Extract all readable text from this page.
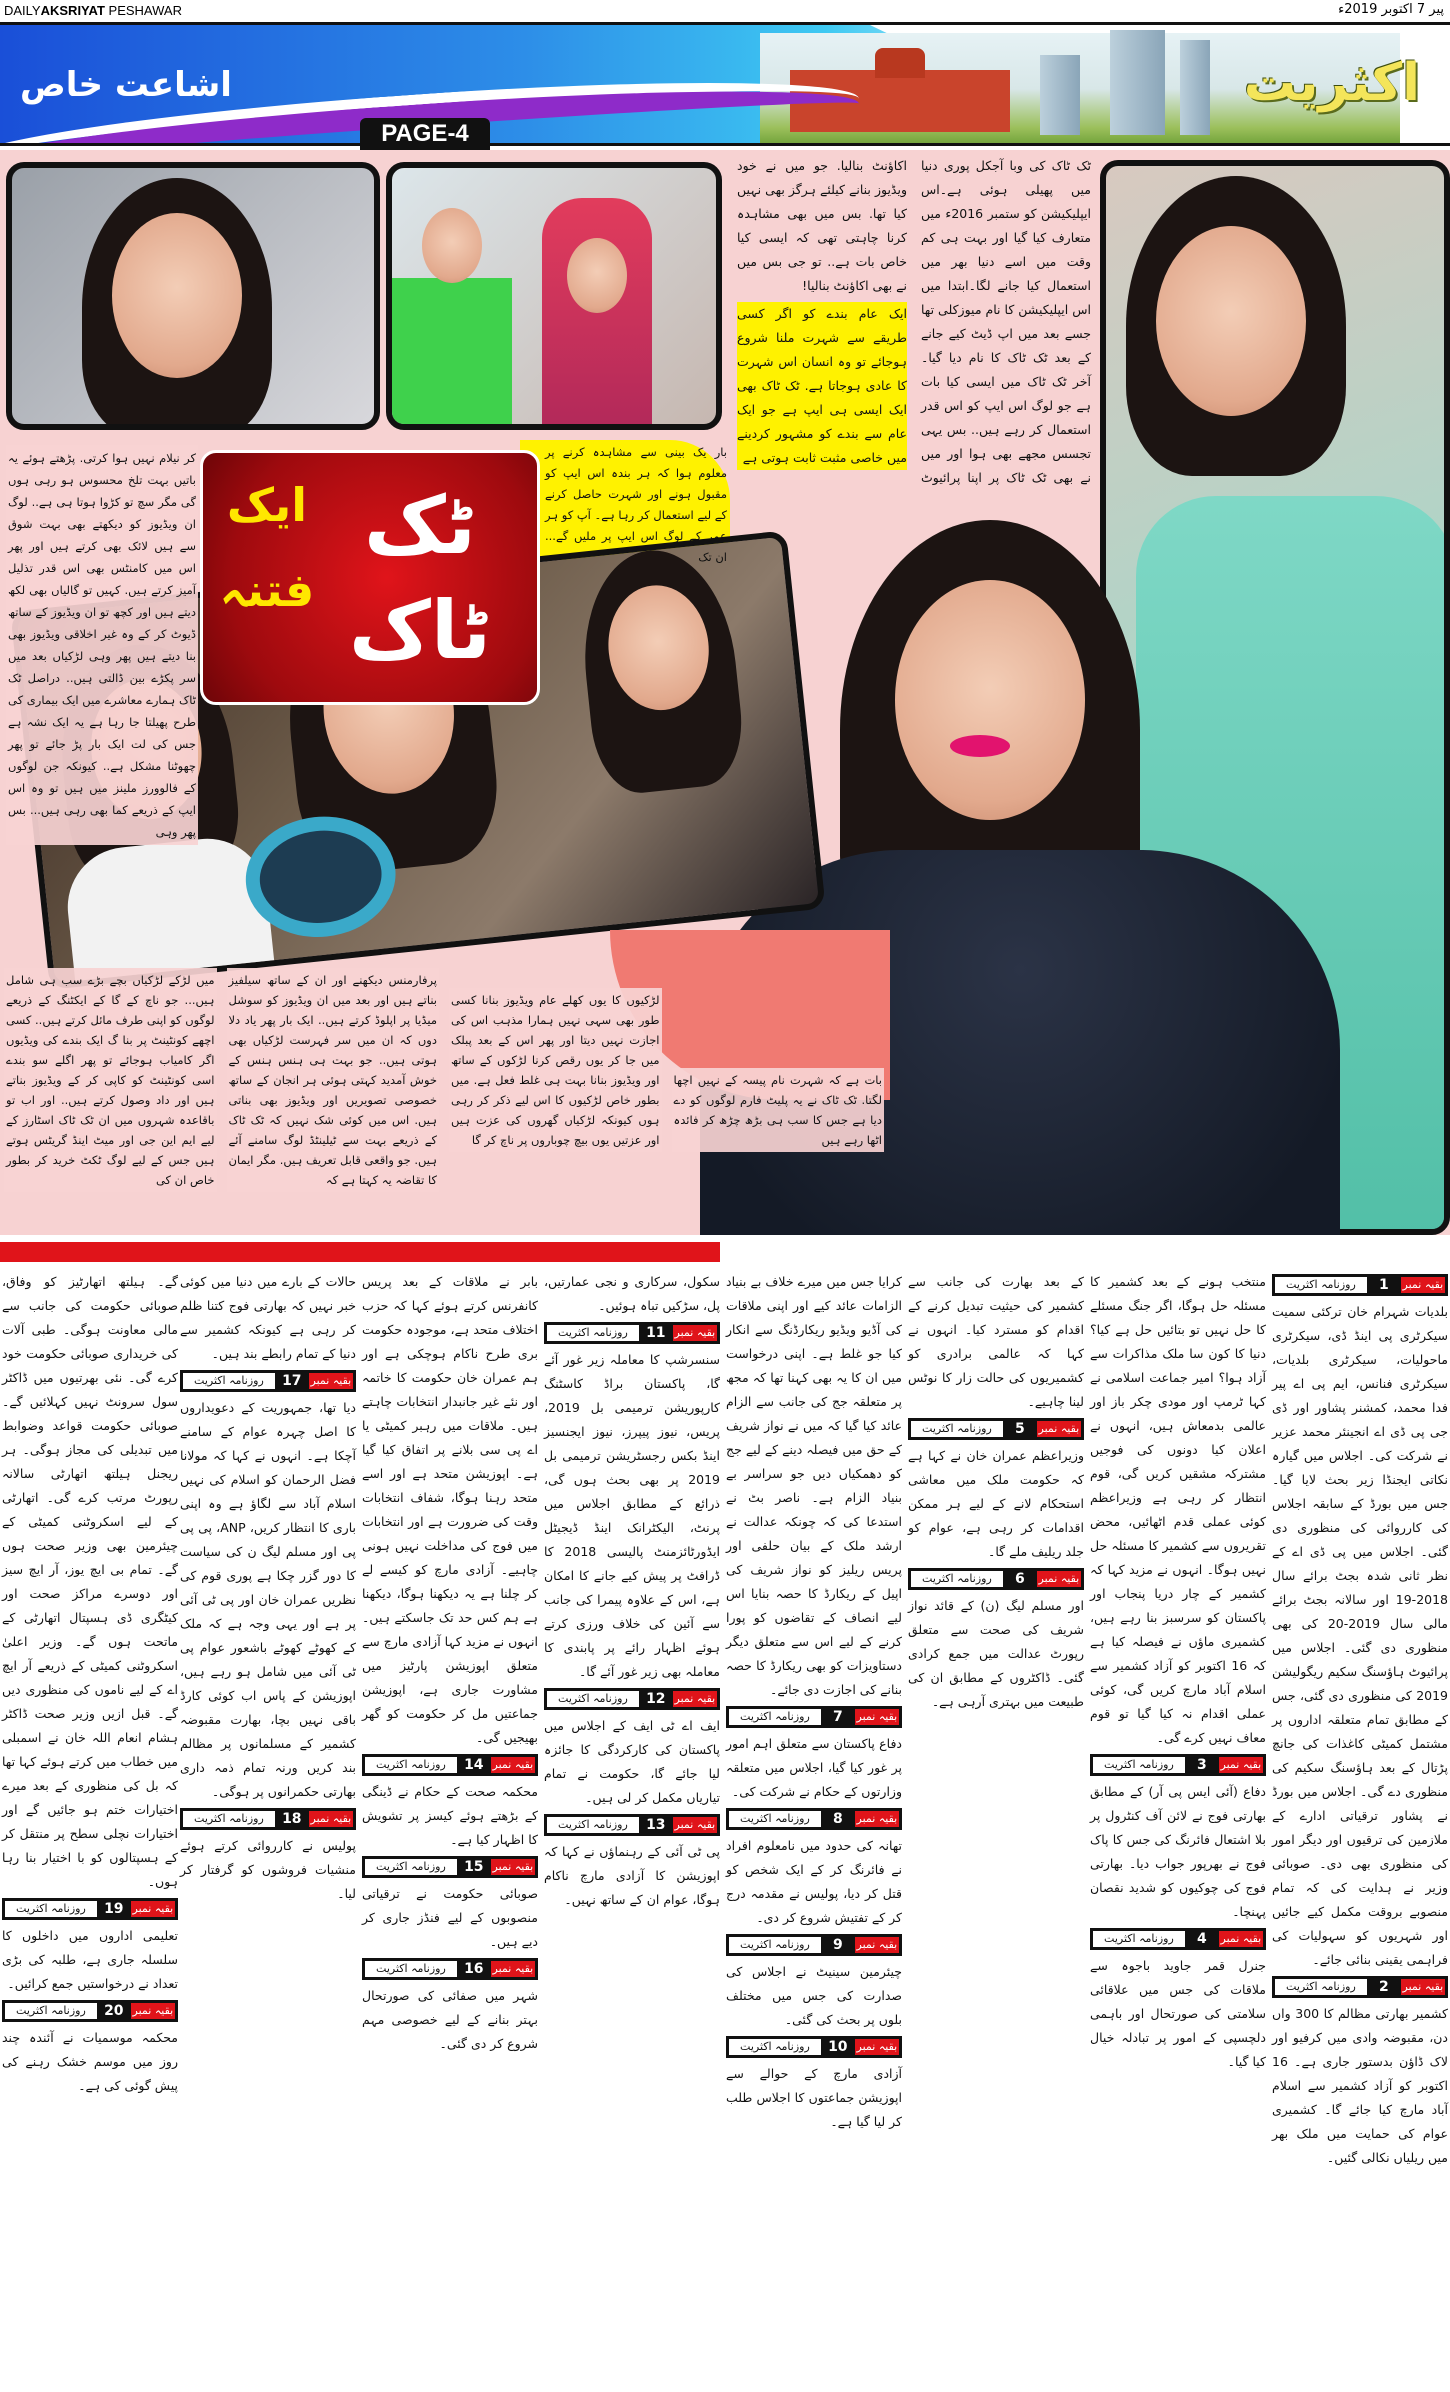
اشاعت خاص	اکثریت
DAILYAKSRIYAT PESHAWAR	پیر 7 اکتوبر 2019ء
PAGE-4
ٹک ٹاک کی وبا آجکل پوری دنیا میں پھیلی ہوئی ہے۔اس ایپلیکیشن کو ستمبر 2016ء میں متعارف کیا گیا اور بہت ہی کم وقت میں اسے دنیا بھر میں استعمال کیا جانے لگا۔ابتدا میں اس ایپلیکیشن کا نام میوزکلی تھا جسے بعد میں اپ ڈیٹ کیے جانے کے بعد ٹک ٹاک کا نام دیا گیا۔ آخر ٹک ٹاک میں ایسی کیا بات ہے جو لوگ اس ایپ کو اس قدر استعمال کر رہے ہیں.. بس یہی تجسس مجھے بھی ہوا اور میں نے بھی ٹک ٹاک پر اپنا پرائیوٹ اکاؤنٹ بنالیا. جو میں نے خود ویڈیوز بنانے کیلئے ہرگز بھی نہیں کیا تھا. بس میں بھی مشاہدہ کرنا چاہتی تھی کہ ایسی کیا خاص بات ہے.. تو جی بس میں نے بھی اکاؤنٹ بنالیا!
ایک عام بندے کو اگر کسی طریقے سے شہرت ملنا شروع ہوجائے تو وہ انسان اس شہرت کا عادی ہوجاتا ہے. ٹک ٹاک بھی ایک ایسی ہی ایپ ہے جو ایک عام سے بندے کو مشہور کردینے میں خاصی مثبت ثابت ہوتی ہے
کر نیلام نہیں ہوا کرتی. پڑھتے ہوئے یہ باتیں بہت تلخ محسوس ہو رہی ہوں گی مگر سچ تو کڑوا ہوتا ہی ہے.. لوگ ان ویڈیوز کو دیکھتے بھی بہت شوق سے ہیں لائک بھی کرتے ہیں اور پھر اس میں کامنٹس بھی اس قدر تذلیل آمیز کرتے ہیں. کہیں تو گالیاں بھی لکھ دیتے ہیں اور کچھ تو ان ویڈیوز کے ساتھ ڈیوٹ کر کے وہ غیر اخلاقی ویڈیوز بھی بنا دیتے ہیں پھر وہی لڑکیاں بعد میں سر پکڑے بین ڈالتی ہیں.. دراصل ٹک ٹاک ہمارے معاشرے میں ایک بیماری کی طرح پھیلتا جا رہا ہے یہ ایک نشہ ہے جس کی لت ایک بار پڑ جائے تو پھر چھوٹنا مشکل ہے.. کیونکہ جن لوگوں کے فالوورز ملینز میں ہیں تو وہ اس ایپ کے ذریعے کما بھی رہی ہیں... بس پھر وہی
ٹک ٹاک
ایک
فتنہ
بار یک بینی سے مشاہدہ کرنے پر معلوم ہوا کہ ہر بندہ اس ایپ کو مقبول ہونے اور شہرت حاصل کرنے کے لیے استعمال کر رہا ہے۔ آپ کو ہر عمر کے لوگ اس ایپ پر ملیں گے... ان تک
میں لڑکے لڑکیاں بچے بڑے سب ہی شامل ہیں... جو ناچ کے گا کے ایکٹنگ کے ذریعے لوگوں کو اپنی طرف مائل کرتے ہیں.. کسی اچھے کونٹینٹ پر بنا گ ایک بندے کی ویڈیوں اگر کامیاب ہوجائے تو پھر اگلے سو بندے اسی کونٹینٹ کو کاپی کر کے ویڈیوز بناتے ہیں اور داد وصول کرتے ہیں.. اور اب تو باقاعدہ شہروں میں ان ٹک ٹاک اسٹارز کے لیے ایم این جی اور میٹ اینڈ گریٹس ہوتے ہیں جس کے لیے لوگ ٹکٹ خرید کر بطور خاص ان کی
پرفارمنس دیکھنے اور ان کے ساتھ سیلفیز بناتے ہیں اور بعد میں ان ویڈیوز کو سوشل میڈیا پر اپلوڈ کرتے ہیں.. ایک بار پھر یاد دلا دوں کہ ان میں سر فہرست لڑکیاں بھی ہوتی ہیں.. جو بہت ہی ہنس ہنس کے خوش آمدید کہتی ہوئی ہر انجان کے ساتھ خصوصی تصویریں اور ویڈیوز بھی بناتی ہیں. اس میں کوئی شک نہیں کہ ٹک ٹاک کے ذریعے بہت سے ٹیلینٹڈ لوگ سامنے آئے ہیں. جو واقعی قابل تعریف ہیں. مگر ایمان کا تقاضہ یہ کہتا ہے کہ
لڑکیوں کا یوں کھلے عام ویڈیوز بنانا کسی طور بھی سہی نہیں ہمارا مذہب اس کی اجازت نہیں دیتا اور پھر اس کے بعد پبلک میں جا کر یوں رقص کرنا لڑکوں کے ساتھ اور ویڈیوز بنانا بہت ہی غلط فعل ہے. میں بطور خاص لڑکیوں کا اس لیے ذکر کر رہی ہوں کیونکہ لڑکیاں گھروں کی عزت ہیں اور عزتیں یوں بیچ چوباروں پر ناچ کر گا
بات ہے کہ شہرت نام پیسہ کے نہیں اچھا لگتا. ٹک ٹاک نے یہ پلیٹ فارم لوگوں کو دے دیا ہے جس کا سب ہی بڑھ چڑھ کر فائدہ اٹھا رہے ہیں
بقیہ نمبر
1
روزنامہ اکثریت

بلدیات شہرام خان ترکئی سمیت سیکرٹری پی اینڈ ڈی، سیکرٹری ماحولیات، سیکرٹری بلدیات، سیکرٹری فنانس، ایم پی اے پیر فدا محمد، کمشنر پشاور اور ڈی جی پی ڈی اے انجینئر محمد عزیر نے شرکت کی۔ اجلاس میں گیارہ نکاتی ایجنڈا زیر بحث لایا گیا۔ جس میں بورڈ کے سابقہ اجلاس کی کارروائی کی منظوری دی گئی۔ اجلاس میں پی ڈی اے کے نظر ثانی شدہ بجٹ برائے سال 2018-19 اور سالانہ بجٹ برائے مالی سال 2019-20 کی بھی منظوری دی گئی۔ اجلاس میں پرائیوٹ ہاؤسنگ سکیم ریگولیشن 2019 کی منظوری دی گئی، جس کے مطابق تمام متعلقہ اداروں پر مشتمل کمیٹی کاغذات کی جانچ پڑتال کے بعد ہاؤسنگ سکیم کی منظوری دے گی۔ اجلاس میں بورڈ نے پشاور ترقیاتی ادارے کے ملازمین کی ترقیوں اور دیگر امور کی منظوری بھی دی۔ صوبائی وزیر نے ہدایت کی کہ تمام منصوبے بروقت مکمل کیے جائیں اور شہریوں کو سہولیات کی فراہمی یقینی بنائی جائے۔

بقیہ نمبر
2
روزنامہ اکثریت

کشمیر بھارتی مظالم کا 300 واں دن، مقبوضہ وادی میں کرفیو اور لاک ڈاؤن بدستور جاری ہے۔ 16 اکتوبر کو آزاد کشمیر سے اسلام آباد مارچ کیا جائے گا۔ کشمیری عوام کی حمایت میں ملک بھر میں ریلیاں نکالی گئیں۔

منتخب ہونے کے بعد کشمیر کا مسئلہ حل ہوگا، اگر جنگ مسئلے کا حل نہیں تو بتائیں حل ہے کیا؟ دنیا کا کون سا ملک مذاکرات سے آزاد ہوا؟ امیر جماعت اسلامی نے کہا ٹرمپ اور مودی چکر باز اور عالمی بدمعاش ہیں، انہوں نے اعلان کیا دونوں کی فوجیں مشترکہ مشقیں کریں گی، قوم انتظار کر رہی ہے وزیراعظم کوئی عملی قدم اٹھائیں، محض تقریروں سے کشمیر کا مسئلہ حل نہیں ہوگا۔ انہوں نے مزید کہا کہ کشمیر کے چار دریا پنجاب اور پاکستان کو سرسبز بنا رہے ہیں، کشمیری ماؤں نے فیصلہ کیا ہے کہ 16 اکتوبر کو آزاد کشمیر سے اسلام آباد مارچ کریں گی، کوئی عملی اقدام نہ کیا گیا تو قوم معاف نہیں کرے گی۔

بقیہ نمبر
3
روزنامہ اکثریت

دفاع (آئی ایس پی آر) کے مطابق بھارتی فوج نے لائن آف کنٹرول پر بلا اشتعال فائرنگ کی جس کا پاک فوج نے بھرپور جواب دیا۔ بھارتی فوج کی چوکیوں کو شدید نقصان پہنچا۔

بقیہ نمبر
4
روزنامہ اکثریت

جنرل قمر جاوید باجوہ سے ملاقات کی جس میں علاقائی سلامتی کی صورتحال اور باہمی دلچسپی کے امور پر تبادلہ خیال کیا گیا۔

کے بعد بھارت کی جانب سے کشمیر کی حیثیت تبدیل کرنے کے اقدام کو مسترد کیا۔ انہوں نے کہا کہ عالمی برادری کو کشمیریوں کی حالت زار کا نوٹس لینا چاہیے۔

بقیہ نمبر
5
روزنامہ اکثریت

وزیراعظم عمران خان نے کہا ہے کہ حکومت ملک میں معاشی استحکام لانے کے لیے ہر ممکن اقدامات کر رہی ہے، عوام کو جلد ریلیف ملے گا۔

بقیہ نمبر
6
روزنامہ اکثریت

اور مسلم لیگ (ن) کے قائد نواز شریف کی صحت سے متعلق رپورٹ عدالت میں جمع کرادی گئی۔ ڈاکٹروں کے مطابق ان کی طبیعت میں بہتری آرہی ہے۔

کرایا جس میں میرے خلاف بے بنیاد الزامات عائد کیے اور اپنی ملاقات کی آڈیو ویڈیو ریکارڈنگ سے انکار کیا جو غلط ہے۔ اپنی درخواست میں ان کا یہ بھی کہنا تھا کہ مجھ پر متعلقہ جج کی جانب سے الزام عائد کیا گیا کہ میں نے نواز شریف کے حق میں فیصلہ دینے کے لیے جج کو دھمکیاں دیں جو سراسر بے بنیاد الزام ہے۔ ناصر بٹ نے استدعا کی کہ چونکہ عدالت نے ارشد ملک کے بیان حلفی اور پریس ریلیز کو نواز شریف کی اپیل کے ریکارڈ کا حصہ بنایا اس لیے انصاف کے تقاضوں کو پورا کرنے کے لیے اس سے متعلق دیگر دستاویزات کو بھی ریکارڈ کا حصہ بنانے کی اجازت دی جائے۔

بقیہ نمبر
7
روزنامہ اکثریت

دفاع پاکستان سے متعلق اہم امور پر غور کیا گیا، اجلاس میں متعلقہ وزارتوں کے حکام نے شرکت کی۔

بقیہ نمبر
8
روزنامہ اکثریت

تھانہ کی حدود میں نامعلوم افراد نے فائرنگ کر کے ایک شخص کو قتل کر دیا، پولیس نے مقدمہ درج کر کے تفتیش شروع کر دی۔

بقیہ نمبر
9
روزنامہ اکثریت

چیئرمین سینیٹ نے اجلاس کی صدارت کی جس میں مختلف بلوں پر بحث کی گئی۔

بقیہ نمبر
10
روزنامہ اکثریت

آزادی مارچ کے حوالے سے اپوزیشن جماعتوں کا اجلاس طلب کر لیا گیا ہے۔

سکول، سرکاری و نجی عمارتیں، پل، سڑکیں تباہ ہوئیں۔

بقیہ نمبر
11
روزنامہ اکثریت

سنسرشپ کا معاملہ زیر غور آئے گا، پاکستان براڈ کاسٹنگ کارپوریشن ترمیمی بل 2019، پریس، نیوز پیپرز، نیوز ایجنسیز اینڈ بکس رجسٹریشن ترمیمی بل 2019 پر بھی بحث ہوں گی، ذرائع کے مطابق اجلاس میں پرنٹ، الیکٹرانک اینڈ ڈیجیٹل ایڈورٹائزمنٹ پالیسی 2018 کا ڈرافٹ پر پیش کیے جانے کا امکان ہے، اس کے علاوہ پیمرا کی جانب سے آئین کی خلاف ورزی کرتے ہوئے اظہار رائے پر پابندی کا معاملہ بھی زیر غور آئے گا۔

بقیہ نمبر
12
روزنامہ اکثریت

ایف اے ٹی ایف کے اجلاس میں پاکستان کی کارکردگی کا جائزہ لیا جائے گا، حکومت نے تمام تیاریاں مکمل کر لی ہیں۔

بقیہ نمبر
13
روزنامہ اکثریت

پی ٹی آئی کے رہنماؤں نے کہا کہ اپوزیشن کا آزادی مارچ ناکام ہوگا، عوام ان کے ساتھ نہیں۔

بابر نے ملاقات کے بعد پریس کانفرنس کرتے ہوئے کہا کہ حزب اختلاف متحد ہے، موجودہ حکومت بری طرح ناکام ہوچکی ہے اور ہم عمران خان حکومت کا خاتمہ اور نئے غیر جانبدار انتخابات چاہتے ہیں۔ ملاقات میں رہبر کمیٹی یا اے پی سی بلانے پر اتفاق کیا گیا ہے۔ اپوزیشن متحد ہے اور اسے متحد رہنا ہوگا، شفاف انتخابات وقت کی ضرورت ہے اور انتخابات میں فوج کی مداخلت نہیں ہونی چاہیے۔ آزادی مارچ کو کیسے لے کر چلنا ہے یہ دیکھنا ہوگا، دیکھنا ہے ہم کس حد تک جاسکتے ہیں۔ انہوں نے مزید کہا آزادی مارچ سے متعلق اپوزیشن پارٹیز میں مشاورت جاری ہے، اپوزیشن جماعتیں مل کر حکومت کو گھر بھیجیں گی۔

بقیہ نمبر
14
روزنامہ اکثریت

محکمہ صحت کے حکام نے ڈینگی کے بڑھتے ہوئے کیسز پر تشویش کا اظہار کیا ہے۔

بقیہ نمبر
15
روزنامہ اکثریت

صوبائی حکومت نے ترقیاتی منصوبوں کے لیے فنڈز جاری کر دیے ہیں۔

بقیہ نمبر
16
روزنامہ اکثریت

شہر میں صفائی کی صورتحال بہتر بنانے کے لیے خصوصی مہم شروع کر دی گئی۔

حالات کے بارے میں دنیا میں کوئی خبر نہیں کہ بھارتی فوج کتنا ظلم کر رہی ہے کیونکہ کشمیر سے دنیا کے تمام رابطے بند ہیں۔

بقیہ نمبر
17
روزنامہ اکثریت

دیا تھا، جمہوریت کے دعویداروں کا اصل چہرہ عوام کے سامنے آچکا ہے۔ انہوں نے کہا کہ مولانا فضل الرحمان کو اسلام کی نہیں اسلام آباد سے لگاؤ ہے وہ اپنی باری کا انتظار کریں، ANP، پی پی پی اور مسلم لیگ ن کی سیاست کا دور گزر چکا ہے پوری قوم کی نظریں عمران خان اور پی ٹی آئی پر ہے اور یہی وجہ ہے کہ ملک کے کھوٹے کھوٹے باشعور عوام پی ٹی آئی میں شامل ہو رہے ہیں، اپوزیشن کے پاس اب کوئی کارڈ باقی نہیں بچا، بھارت مقبوضہ کشمیر کے مسلمانوں پر مظالم بند کریں ورنہ تمام ذمہ داری بھارتی حکمرانوں پر ہوگی۔

بقیہ نمبر
18
روزنامہ اکثریت

پولیس نے کارروائی کرتے ہوئے منشیات فروشوں کو گرفتار کر لیا۔

گے۔ ہیلتھ اتھارٹیز کو وفاق، صوبائی حکومت کی جانب سے مالی معاونت ہوگی۔ طبی آلات کی خریداری صوبائی حکومت خود کرے گی۔ نئی بھرتیوں میں ڈاکٹر سول سرونٹ نہیں کہلائیں گے۔ صوبائی حکومت قواعد وضوابط میں تبدیلی کی مجاز ہوگی۔ ہر ریجنل ہیلتھ اتھارٹی سالانہ رپورٹ مرتب کرے گی۔ اتھارٹی کے لیے اسکروٹنی کمیٹی کے چیئرمین بھی وزیر صحت ہوں گے۔ تمام بی ایچ یوز، آر ایچ سیز اور دوسرے مراکز صحت اور کیٹگری ڈی ہسپتال اتھارٹی کے ماتحت ہوں گے۔ وزیر اعلیٰ اسکروٹنی کمیٹی کے ذریعے آر ایچ اے کے لیے ناموں کی منظوری دیں گے۔ قبل ازیں وزیر صحت ڈاکٹر ہشام انعام اللہ خان نے اسمبلی میں خطاب میں کرتے ہوئے کہا تھا کہ بل کی منظوری کے بعد میرے اختیارات ختم ہو جائیں گے اور اختیارات نچلی سطح پر منتقل کر کے ہسپتالوں کو با اختیار بنا رہا ہوں۔

بقیہ نمبر
19
روزنامہ اکثریت

تعلیمی اداروں میں داخلوں کا سلسلہ جاری ہے، طلبہ کی بڑی تعداد نے درخواستیں جمع کرائیں۔

بقیہ نمبر
20
روزنامہ اکثریت

محکمہ موسمیات نے آئندہ چند روز میں موسم خشک رہنے کی پیش گوئی کی ہے۔
